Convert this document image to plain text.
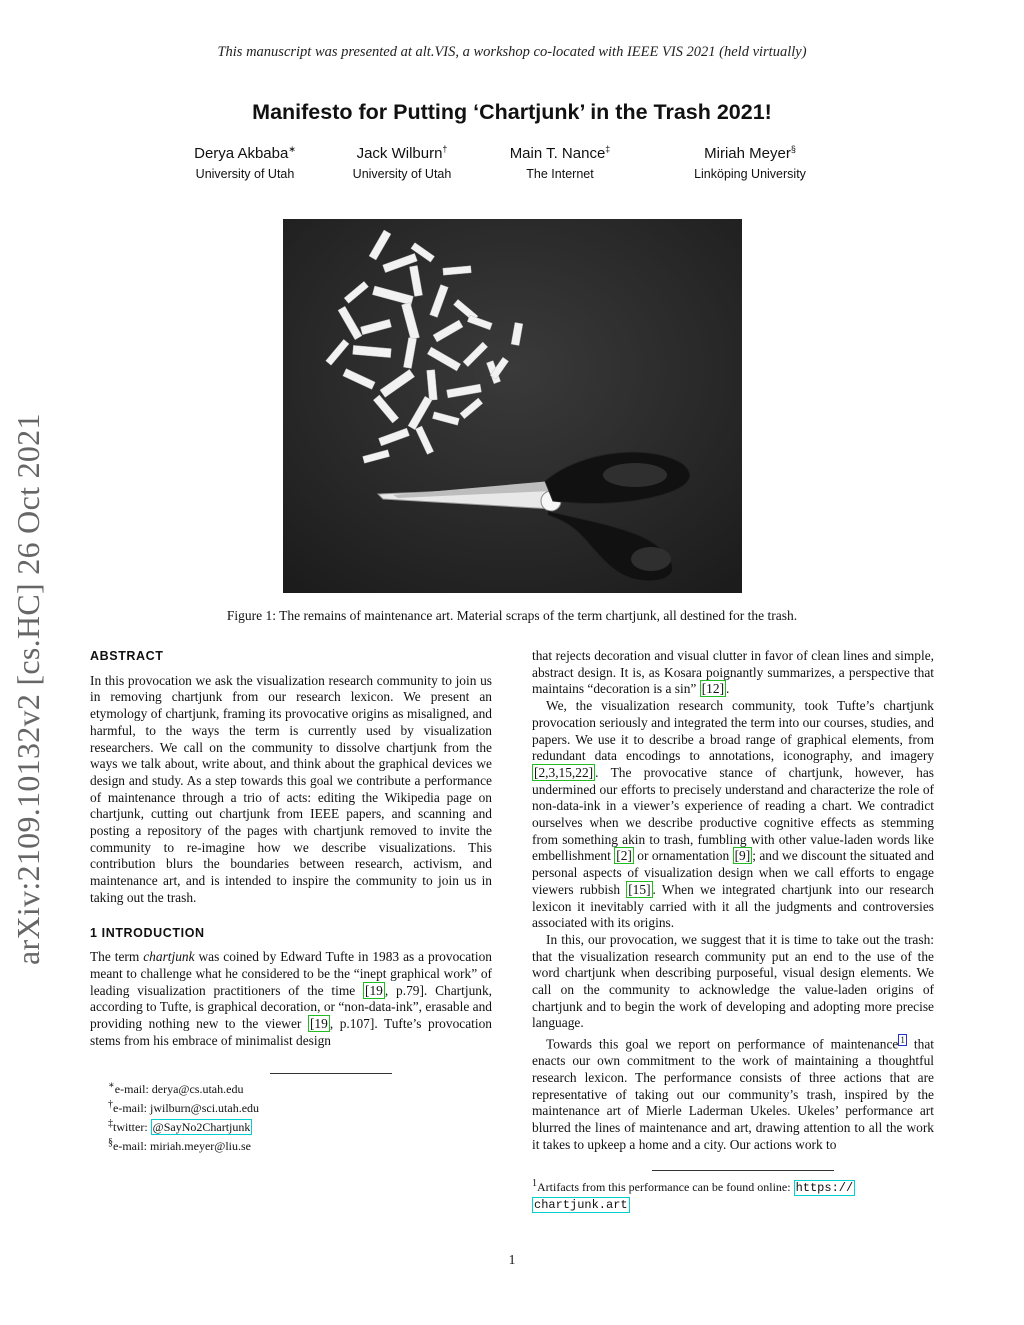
This manuscript was presented at alt.VIS, a workshop co-located with IEEE VIS 2021 (held virtually)
Manifesto for Putting ‘Chartjunk’ in the Trash 2021!
Derya Akbaba∗
University of Utah
Jack Wilburn†
University of Utah
Main T. Nance‡
The Internet
Miriah Meyer§
Linköping University
Figure 1: The remains of maintenance art. Material scraps of the term chartjunk, all destined for the trash.
arXiv:2109.10132v2 [cs.HC] 26 Oct 2021	ABSTRACT

In this provocation we ask the visualization research community to join us in removing chartjunk from our research lexicon. We present an etymology of chartjunk, framing its provocative origins as misaligned, and harmful, to the ways the term is currently used by visualization researchers. We call on the community to dissolve chartjunk from the ways we talk about, write about, and think about the graphical devices we design and study. As a step towards this goal we contribute a performance of maintenance through a trio of acts: editing the Wikipedia page on chartjunk, cutting out chartjunk from IEEE papers, and scanning and posting a repository of the pages with chartjunk removed to invite the community to re-imagine how we describe visualizations. This contribution blurs the boundaries between research, activism, and maintenance art, and is intended to inspire the community to join us in taking out the trash.

1 INTRODUCTION

The term chartjunk was coined by Edward Tufte in 1983 as a provocation meant to challenge what he considered to be the “inept graphical work” of leading visualization practitioners of the time [19 , p.79]. Chartjunk, according to Tufte, is graphical decoration, or “non-data-ink”, erasable and providing nothing new to the viewer [19 , p.107]. Tufte’s provocation stems from his embrace of minimalist design

∗e-mail: derya@cs.utah.edu
†e-mail: jwilburn@sci.utah.edu
‡twitter: @SayNo2Chartjunk
§e-mail: miriah.meyer@liu.se

that rejects decoration and visual clutter in favor of clean lines and simple, abstract design. It is, as Kosara poignantly summarizes, a perspective that maintains “decoration is a sin” [12] .

We, the visualization research community, took Tufte’s chartjunk provocation seriously and integrated the term into our courses, studies, and papers. We use it to describe a broad range of graphical elements, from redundant data encodings to annotations, iconography, and imagery [2,3,15,22] . The provocative stance of chartjunk, however, has undermined our efforts to precisely understand and characterize the role of non-data-ink in a viewer’s experience of reading a chart. We contradict ourselves when we describe productive cognitive effects as stemming from something akin to trash, fumbling with other value-laden words like embellishment [2] or ornamentation [9] ; and we discount the situated and personal aspects of visualization design when we call efforts to engage viewers rubbish [15] . When we integrated chartjunk into our research lexicon it inevitably carried with it all the judgments and controversies associated with its origins.

In this, our provocation, we suggest that it is time to take out the trash: that the visualization research community put an end to the use of the word chartjunk when describing purposeful, visual design elements. We call on the community to acknowledge the value-laden origins of chartjunk and to begin the work of developing and adopting more precise language.

Towards this goal we report on performance of maintenance $^1$ that enacts our own commitment to the work of maintaining a thoughtful research lexicon. The performance consists of three actions that are representative of taking out our community’s trash, inspired by the maintenance art of Mierle Laderman Ukeles. Ukeles’ performance art blurred the lines of maintenance and art, drawing attention to all the work it takes to upkeep a home and a city. Our actions work to

$^1$Artifacts from this performance can be found online: https://
chartjunk.art
1
